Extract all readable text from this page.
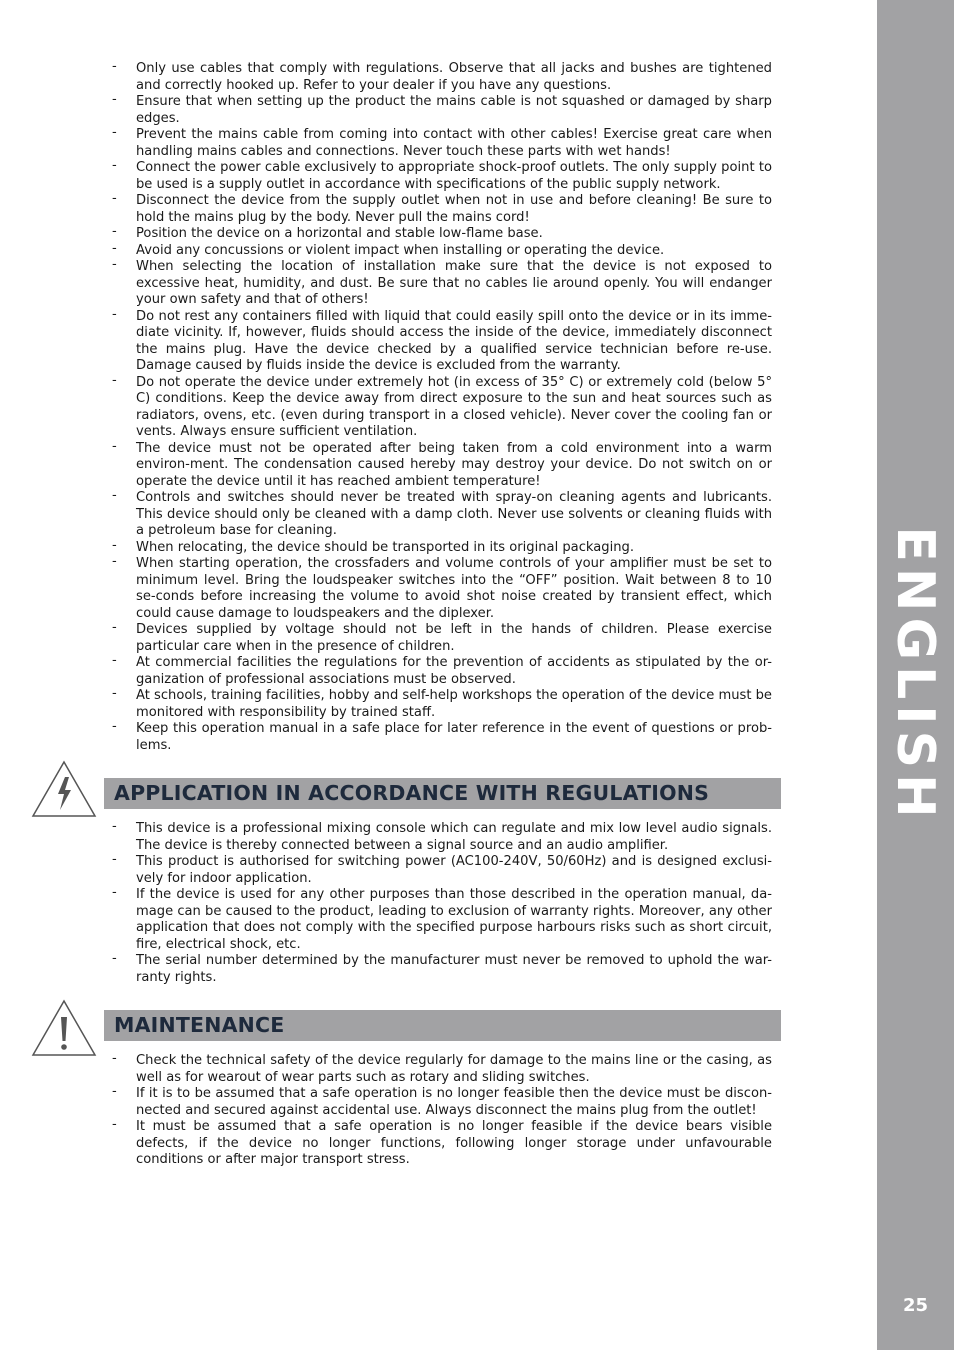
ENGLISH
25
- Only use cables that comply with regulations. Observe that all jacks and bushes are tightened and correctly hooked up. Refer to your dealer if you have any questions.
- Ensure that when setting up the product the mains cable is not squashed or damaged by sharp edges.
- Prevent the mains cable from coming into contact with other cables! Exercise great care when handling mains cables and connections. Never touch these parts with wet hands!
- Connect the power cable exclusively to appropriate shock-proof outlets. The only supply point to be used is a supply outlet in accordance with specifications of the public supply network.
- Disconnect the device from the supply outlet when not in use and before cleaning! Be sure to hold the mains plug by the body. Never pull the mains cord!
- Position the device on a horizontal and stable low-flame base.
- Avoid any concussions or violent impact when installing or operating the device.
- When selecting the location of installation make sure that the device is not exposed to excessive heat, humidity, and dust. Be sure that no cables lie around openly. You will endanger your own safety and that of others!
- Do not rest any containers filled with liquid that could easily spill onto the device or in its imme-diate vicinity. If, however, fluids should access the inside of the device, immediately disconnect the mains plug. Have the device checked by a qualified service technician before re-use. Damage caused by fluids inside the device is excluded from the warranty.
- Do not operate the device under extremely hot (in excess of 35° C) or extremely cold (below 5° C) conditions. Keep the device away from direct exposure to the sun and heat sources such as radiators, ovens, etc. (even during transport in a closed vehicle). Never cover the cooling fan or vents. Always ensure sufficient ventilation.
- The device must not be operated after being taken from a cold environment into a warm environ-ment. The condensation caused hereby may destroy your device. Do not switch on or operate the device until it has reached ambient temperature!
- Controls and switches should never be treated with spray-on cleaning agents and lubricants. This device should only be cleaned with a damp cloth. Never use solvents or cleaning fluids with a petroleum base for cleaning.
- When relocating, the device should be transported in its original packaging.
- When starting operation, the crossfaders and volume controls of your amplifier must be set to minimum level. Bring the loudspeaker switches into the “OFF” position. Wait between 8 to 10 se-conds before increasing the volume to avoid shot noise created by transient effect, which could cause damage to loudspeakers and the diplexer.
- Devices supplied by voltage should not be left in the hands of children. Please exercise particular care when in the presence of children.
- At commercial facilities the regulations for the prevention of accidents as stipulated by the or-ganization of professional associations must be observed.
- At schools, training facilities, hobby and self-help workshops the operation of the device must be monitored with responsibility by trained staff.
- Keep this operation manual in a safe place for later reference in the event of questions or prob-lems.
APPLICATION IN ACCORDANCE WITH REGULATIONS
- This device is a professional mixing console which can regulate and mix low level audio signals. The device is thereby connected between a signal source and an audio amplifier.
- This product is authorised for switching power (AC100-240V, 50/60Hz) and is designed exclusi-vely for indoor application.
- If the device is used for any other purposes than those described in the operation manual, da-mage can be caused to the product, leading to exclusion of warranty rights. Moreover, any other application that does not comply with the specified purpose harbours risks such as short circuit, fire, electrical shock, etc.
- The serial number determined by the manufacturer must never be removed to uphold the war-ranty rights.
MAINTENANCE
- Check the technical safety of the device regularly for damage to the mains line or the casing, as well as for wearout of wear parts such as rotary and sliding switches.
- If it is to be assumed that a safe operation is no longer feasible then the device must be discon-nected and secured against accidental use. Always disconnect the mains plug from the outlet!
- It must be assumed that a safe operation is no longer feasible if the device bears visible defects, if the device no longer functions, following longer storage under unfavourable conditions or after major transport stress.
